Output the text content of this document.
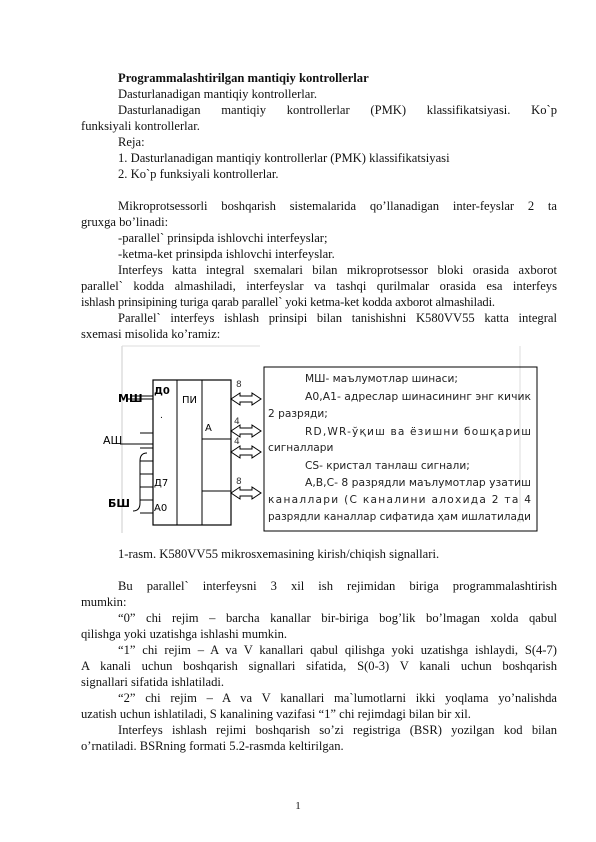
Programmalashtirilgan mantiqiy kontrollerlar
Dasturlanadigan mantiqiy kontrollerlar.
Dasturlanadigan mantiqiy kontrollerlar (PMK) klassifikatsiyasi. Ko`p
funksiyali kontrollerlar.
Reja:
1. Dasturlanadigan mantiqiy kontrollerlar (PMK) klassifikatsiyasi
2. Ko`p funksiyali kontrollerlar.
Mikroprotsessorli boshqarish sistemalarida qo’llanadigan inter-feyslar 2 ta
gruxga bo’linadi:
-parallel` prinsipda ishlovchi interfeyslar;
-ketma-ket prinsipda ishlovchi interfeyslar.
Interfeys katta integral sxemalari bilan mikroprotsessor bloki orasida axborot
parallel` kodda almashiladi, interfeyslar va tashqi qurilmalar orasida esa interfeys
ishlash prinsipining turiga qarab parallel` yoki ketma-ket kodda axborot almashiladi.
Parallel` interfeys ishlash prinsipi bilan tanishishni K580VV55 katta integral
sxemasi misolida ko’ramiz:
Д0
Д7
А0
ПИ
А
МШ
АШ
БШ
.
8
4
4
8
МШ- маълумотлар шинаси;
А0,А1- адреслар шинасининг энг кичик
2 разряди;
RD,WR-ўқиш ва ёзишни бошқариш
сигналлари
CS- кристал танлаш сигнали;
А,В,С- 8 разрядли маълумотлар узатиш
каналлари (С каналини алохида 2 та 4
разрядли каналлар сифатида ҳам ишлатилади
1-rasm. K580VV55 mikrosxemasining kirish/chiqish signallari.
Bu parallel` interfeysni 3 xil ish rejimidan biriga programmalashtirish
mumkin:
“0” chi rejim – barcha kanallar bir-biriga bog’lik bo’lmagan xolda qabul
qilishga yoki uzatishga ishlashi mumkin.
“1” chi rejim – A va V kanallari qabul qilishga yoki uzatishga ishlaydi, S(4-7)
A kanali uchun boshqarish signallari sifatida, S(0-3) V kanali uchun boshqarish
signallari sifatida ishlatiladi.
“2” chi rejim – A va V kanallari ma`lumotlarni ikki yoqlama yo’nalishda
uzatish uchun ishlatiladi, S kanalining vazifasi “1” chi rejimdagi bilan bir xil.
Interfeys ishlash rejimi boshqarish so’zi registriga (BSR) yozilgan kod bilan
o’rnatiladi. BSRning formati 5.2-rasmda keltirilgan.
1
